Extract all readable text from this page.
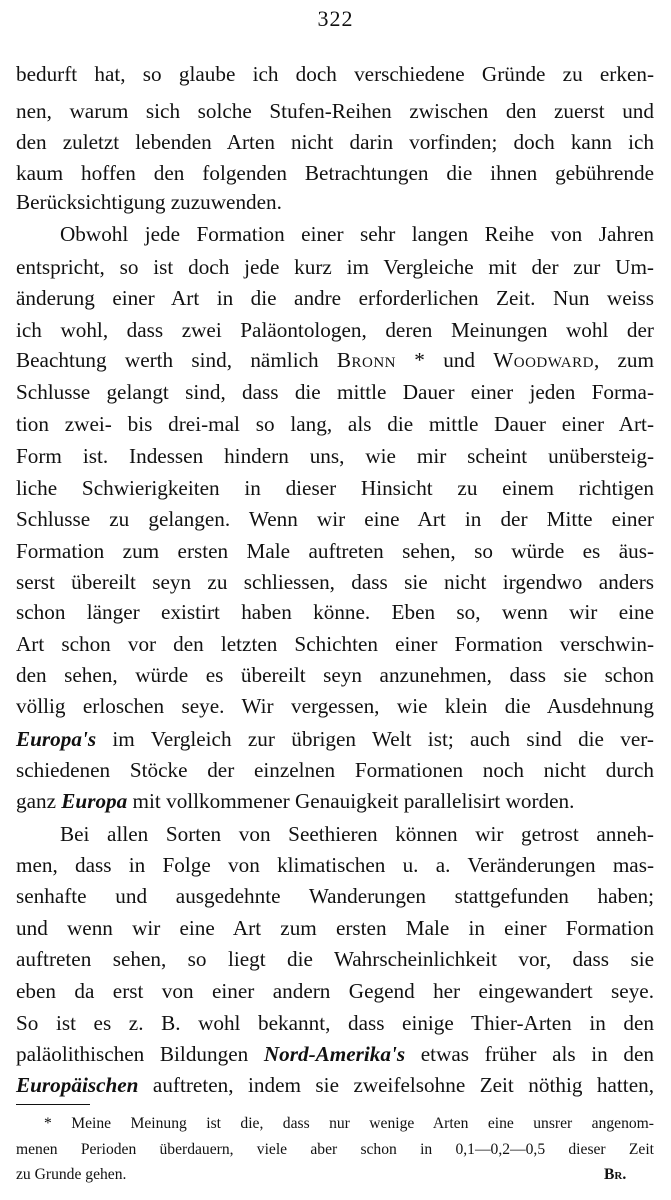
322
bedurft hat, so glaube ich doch verschiedene Gründe zu erken-
nen, warum sich solche Stufen-Reihen zwischen den zuerst und
den zuletzt lebenden Arten nicht darin vorfinden; doch kann ich
kaum hoffen den folgenden Betrachtungen die ihnen gebührende
Berücksichtigung zuzuwenden.
Obwohl jede Formation einer sehr langen Reihe von Jahren
entspricht, so ist doch jede kurz im Vergleiche mit der zur Um-
änderung einer Art in die andre erforderlichen Zeit. Nun weiss
ich wohl, dass zwei Paläontologen, deren Meinungen wohl der
Beachtung werth sind, nämlich Bronn * und Woodward, zum
Schlusse gelangt sind, dass die mittle Dauer einer jeden Forma-
tion zwei- bis drei-mal so lang, als die mittle Dauer einer Art-
Form ist. Indessen hindern uns, wie mir scheint unübersteig-
liche Schwierigkeiten in dieser Hinsicht zu einem richtigen
Schlusse zu gelangen. Wenn wir eine Art in der Mitte einer
Formation zum ersten Male auftreten sehen, so würde es äus-
serst übereilt seyn zu schliessen, dass sie nicht irgendwo anders
schon länger existirt haben könne. Eben so, wenn wir eine
Art schon vor den letzten Schichten einer Formation verschwin-
den sehen, würde es übereilt seyn anzunehmen, dass sie schon
völlig erloschen seye. Wir vergessen, wie klein die Ausdehnung
Europa's im Vergleich zur übrigen Welt ist; auch sind die ver-
schiedenen Stöcke der einzelnen Formationen noch nicht durch
ganz Europa mit vollkommener Genauigkeit parallelisirt worden.
Bei allen Sorten von Seethieren können wir getrost anneh-
men, dass in Folge von klimatischen u. a. Veränderungen mas-
senhafte und ausgedehnte Wanderungen stattgefunden haben;
und wenn wir eine Art zum ersten Male in einer Formation
auftreten sehen, so liegt die Wahrscheinlichkeit vor, dass sie
eben da erst von einer andern Gegend her eingewandert seye.
So ist es z. B. wohl bekannt, dass einige Thier-Arten in den
paläolithischen Bildungen Nord-Amerika's etwas früher als in den
Europäischen auftreten, indem sie zweifelsohne Zeit nöthig hatten,
* Meine Meinung ist die, dass nur wenige Arten eine unsrer angenom-
menen Perioden überdauern, viele aber schon in 0,1—0,2—0,5 dieser Zeit
zu Grunde gehen.	Br.
